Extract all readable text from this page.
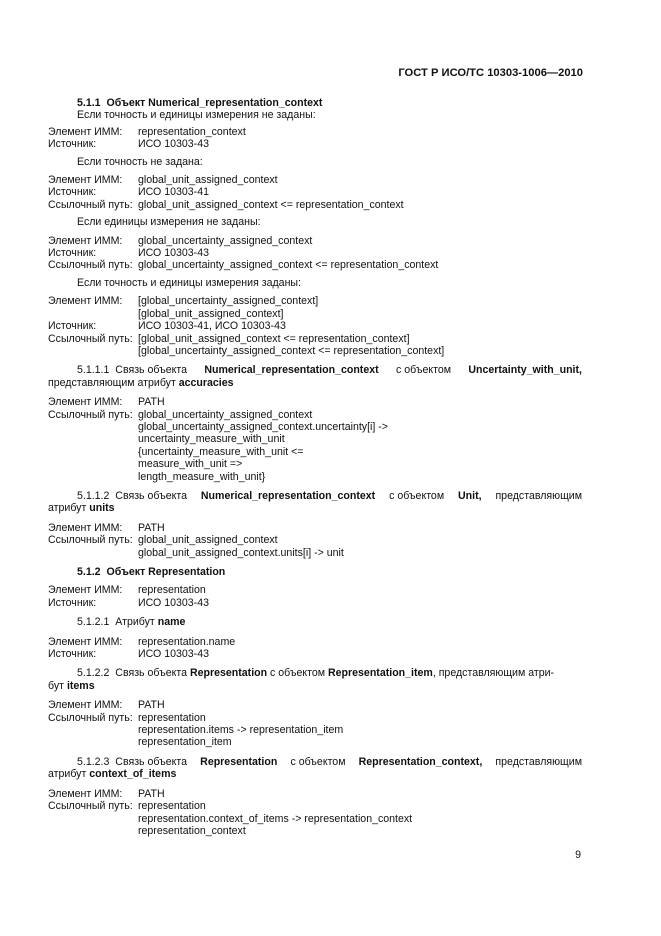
ГОСТ Р ИСО/ТС 10303-1006—2010
5.1.1 Объект Numerical_representation_context
Если точность и единицы измерения не заданы:
Элемент ИММ:	representation_context
Источник:	ИСО 10303-43
Если точность не задана:
Элемент ИММ:	global_unit_assigned_context
Источник:	ИСО 10303-41
Ссылочный путь: global_unit_assigned_context <= representation_context
Если единицы измерения не заданы:
Элемент ИММ:	global_uncertainty_assigned_context
Источник:	ИСО 10303-43
Ссылочный путь: global_uncertainty_assigned_context <= representation_context
Если точность и единицы измерения заданы:
Элемент ИММ:	[global_uncertainty_assigned_context]
[global_unit_assigned_context]
Источник:	ИСО 10303-41, ИСО 10303-43
Ссылочный путь: [global_unit_assigned_context <= representation_context]
[global_uncertainty_assigned_context <= representation_context]
5.1.1.1 Связь объекта Numerical_representation_context с объектом Uncertainty_with_unit,
представляющим атрибут accuracies
Элемент ИММ:	PATH
Ссылочный путь: global_uncertainty_assigned_context
global_uncertainty_assigned_context.uncertainty[i] ->
uncertainty_measure_with_unit
{uncertainty_measure_with_unit <=
measure_with_unit =>
length_measure_with_unit}
5.1.1.2 Связь объекта Numerical_representation_context с объектом Unit, представляющим
атрибут units
Элемент ИММ:	PATH
Ссылочный путь: global_unit_assigned_context
global_unit_assigned_context.units[i] -> unit
5.1.2 Объект Representation
Элемент ИММ:	representation
Источник:	ИСО 10303-43
5.1.2.1 Атрибут name
Элемент ИММ:	representation.name
Источник:	ИСО 10303-43
5.1.2.2 Связь объекта Representation с объектом Representation_item, представляющим атри-
бут items
Элемент ИММ:	PATH
Ссылочный путь: representation
representation.items -> representation_item
representation_item
5.1.2.3 Связь объекта Representation с объектом Representation_context, представляющим
атрибут context_of_items
Элемент ИММ:	PATH
Ссылочный путь: representation
representation.context_of_items -> representation_context
representation_context
9
